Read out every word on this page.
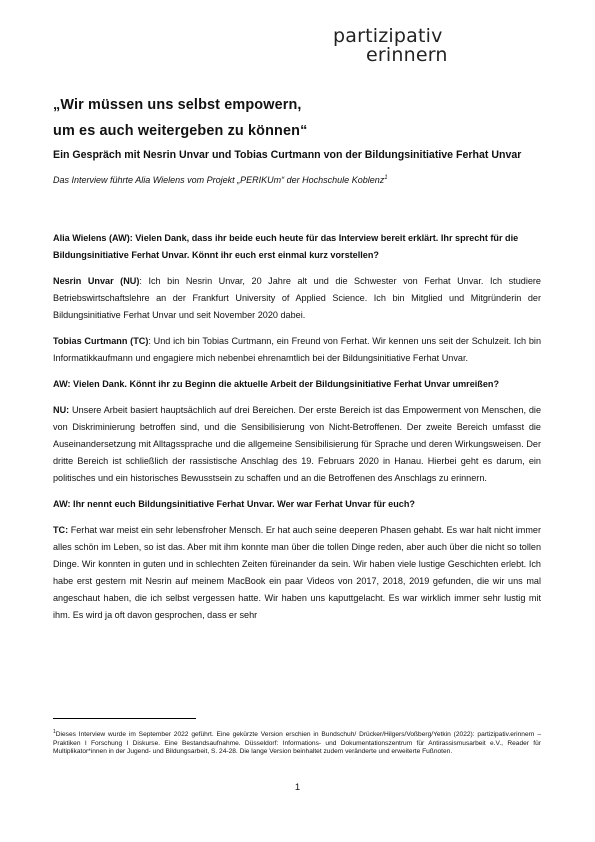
partizipativ
erinnern
„Wir müssen uns selbst empowern,
um es auch weitergeben zu können“

Ein Gespräch mit Nesrin Unvar und Tobias Curtmann von der Bildungsinitiative Ferhat Unvar

Das Interview führte Alia Wielens vom Projekt „PERIKUm“ der Hochschule Koblenz$^1$

Alia Wielens (AW): Vielen Dank, dass ihr beide euch heute für das Interview bereit erklärt. Ihr sprecht für die Bildungsinitiative Ferhat Unvar. Könnt ihr euch erst einmal kurz vorstellen?

Nesrin Unvar (NU): Ich bin Nesrin Unvar, 20 Jahre alt und die Schwester von Ferhat Unvar. Ich studiere Betriebswirtschaftslehre an der Frankfurt University of Applied Science. Ich bin Mitglied und Mitgründerin der Bildungsinitiative Ferhat Unvar und seit November 2020 dabei.

Tobias Curtmann (TC): Und ich bin Tobias Curtmann, ein Freund von Ferhat. Wir kennen uns seit der Schulzeit. Ich bin Informatikkaufmann und engagiere mich nebenbei ehrenamtlich bei der Bildungsinitiative Ferhat Unvar.

AW: Vielen Dank. Könnt ihr zu Beginn die aktuelle Arbeit der Bildungsinitiative Ferhat Unvar umreißen?

NU: Unsere Arbeit basiert hauptsächlich auf drei Bereichen. Der erste Bereich ist das Empowerment von Menschen, die von Diskriminierung betroffen sind, und die Sensibilisierung von Nicht-Betroffenen. Der zweite Bereich umfasst die Auseinandersetzung mit Alltagssprache und die allgemeine Sensibilisierung für Sprache und deren Wirkungsweisen. Der dritte Bereich ist schließlich der rassistische Anschlag des 19. Februars 2020 in Hanau. Hierbei geht es darum, ein politisches und ein historisches Bewusstsein zu schaffen und an die Betroffenen des Anschlags zu erinnern.

AW: Ihr nennt euch Bildungsinitiative Ferhat Unvar. Wer war Ferhat Unvar für euch?

TC: Ferhat war meist ein sehr lebensfroher Mensch. Er hat auch seine deeperen Phasen gehabt. Es war halt nicht immer alles schön im Leben, so ist das. Aber mit ihm konnte man über die tollen Dinge reden, aber auch über die nicht so tollen Dinge. Wir konnten in guten und in schlechten Zeiten füreinander da sein. Wir haben viele lustige Geschichten erlebt. Ich habe erst gestern mit Nesrin auf meinem MacBook ein paar Videos von 2017, 2018, 2019 gefunden, die wir uns mal angeschaut haben, die ich selbst vergessen hatte. Wir haben uns kaputtgelacht. Es war wirklich immer sehr lustig mit ihm. Es wird ja oft davon gesprochen, dass er sehr

$^1$Dieses Interview wurde im September 2022 geführt. Eine gekürzte Version erschien in Bundschuh/ Drücker/Hilgers/Voßberg/Yetkin (2022): partizipativ.erinnern – Praktiken I Forschung I Diskurse. Eine Bestandsaufnahme. Düsseldorf: Informations- und Dokumentationszentrum für Antirassismusarbeit e.V., Reader für Multiplikator*innen in der Jugend- und Bildungsarbeit, S. 24-28. Die lange Version beinhaltet zudem veränderte und erweiterte Fußnoten.

1
